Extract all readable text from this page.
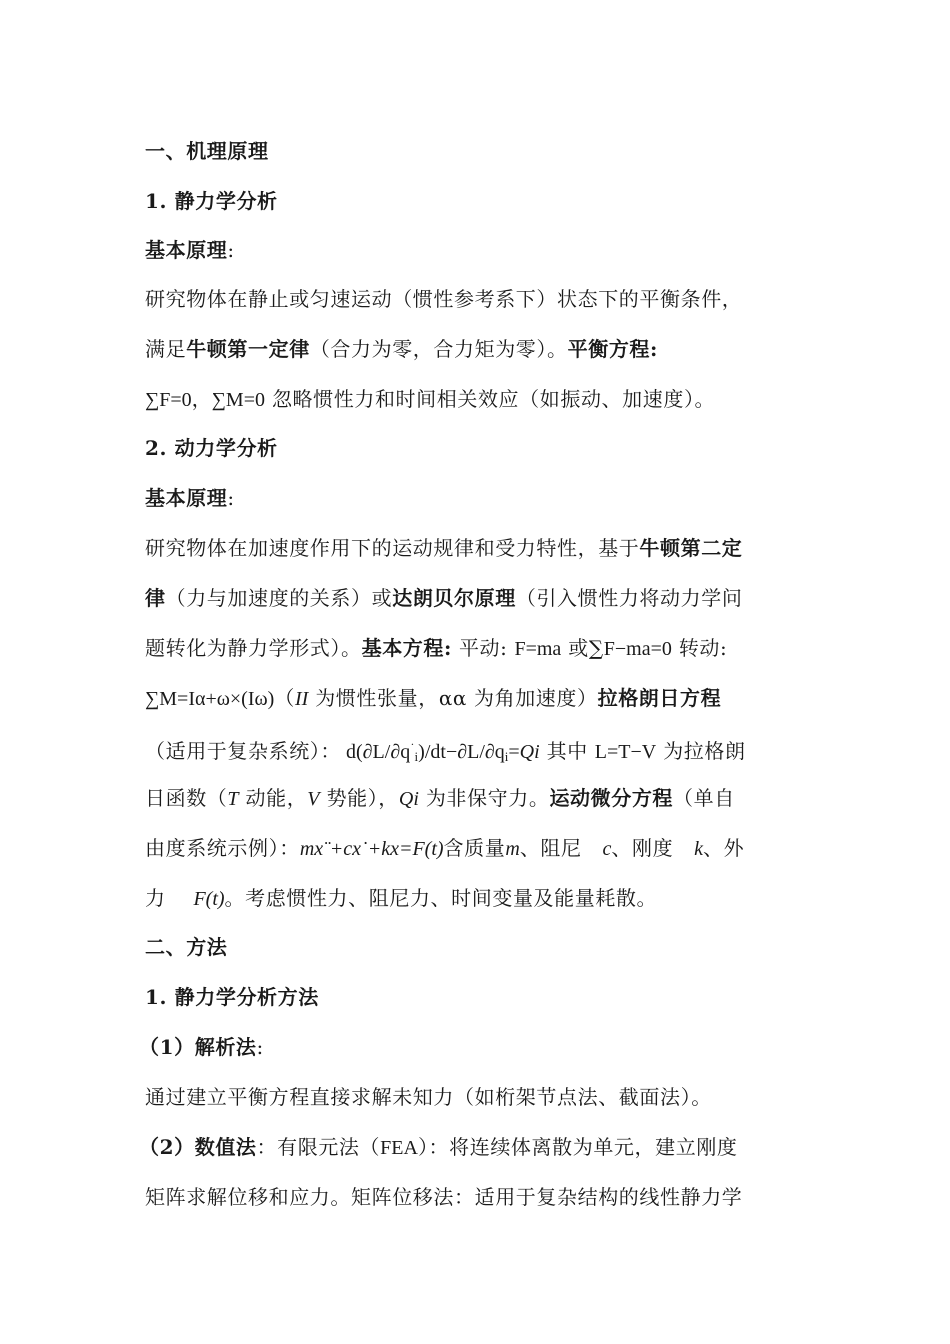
一、机理原理
1. 静力学分析
基本原理:
研究物体在静止或匀速运动（惯性参考系下）状态下的平衡条件，
满足牛顿第一定律（合力为零，合力矩为零）。平衡方程:
∑F=0，∑M=0 忽略惯性力和时间相关效应（如振动、加速度）。
2. 动力学分析
基本原理:
研究物体在加速度作用下的运动规律和受力特性，基于牛顿第二定
律（力与加速度的关系）或达朗贝尔原理（引入惯性力将动力学问
题转化为静力学形式）。基本方程: 平动: F=ma 或∑F−ma=0 转动:
∑M=Iα+ω×(Iω)（II 为惯性张量，αα 为角加速度）拉格朗日方程
（适用于复杂系统）： $d(\partial L/\partial q^˙_i)/dt-\partial L/\partial q_i=Qi$ 其中 L=T−V 为拉格朗
日函数（T 动能，V 势能），Qi 为非保守力。运动微分方程（单自
由度系统示例）：mx¨+cx˙+kx=F(t)含质量m、阻尼 c、刚度 k、外
力 F(t)。考虑惯性力、阻尼力、时间变量及能量耗散。
二、方法
1. 静力学分析方法
（1）解析法:
通过建立平衡方程直接求解未知力（如桁架节点法、截面法）。
（2）数值法：有限元法（FEA）：将连续体离散为单元，建立刚度
矩阵求解位移和应力。矩阵位移法：适用于复杂结构的线性静力学
